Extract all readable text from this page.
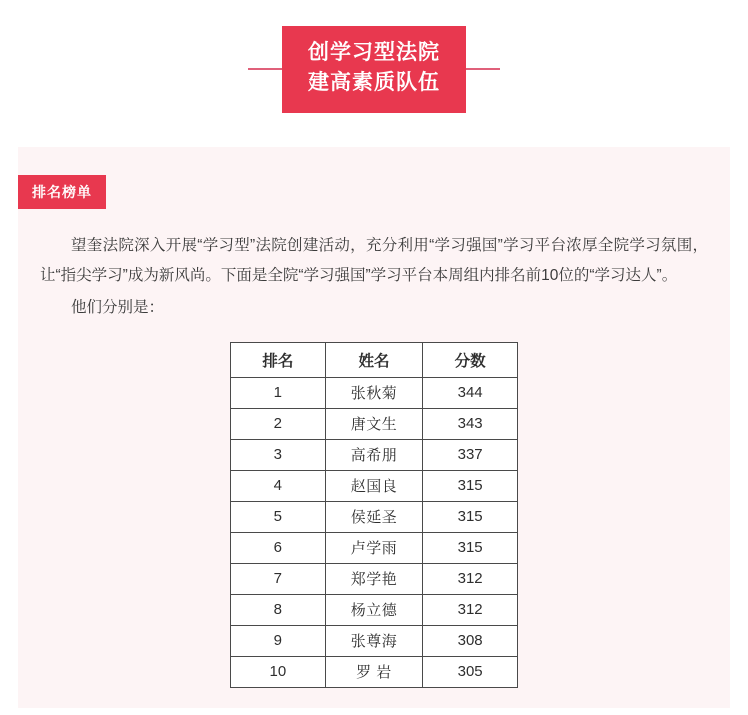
创学习型法院
建高素质队伍
排名榜单

望奎法院深入开展“学习型”法院创建活动，充分利用“学习强国”学习平台浓厚全院学习氛围，让“指尖学习”成为新风尚。下面是全院“学习强国”学习平台本周组内排名前10位的“学习达人”。

他们分别是：

排名	姓名	分数
1	张秋菊	344
2	唐文生	343
3	高希朋	337
4	赵国良	315
5	侯延圣	315
6	卢学雨	315
7	郑学艳	312
8	杨立德	312
9	张尊海	308
10	罗 岩	305
